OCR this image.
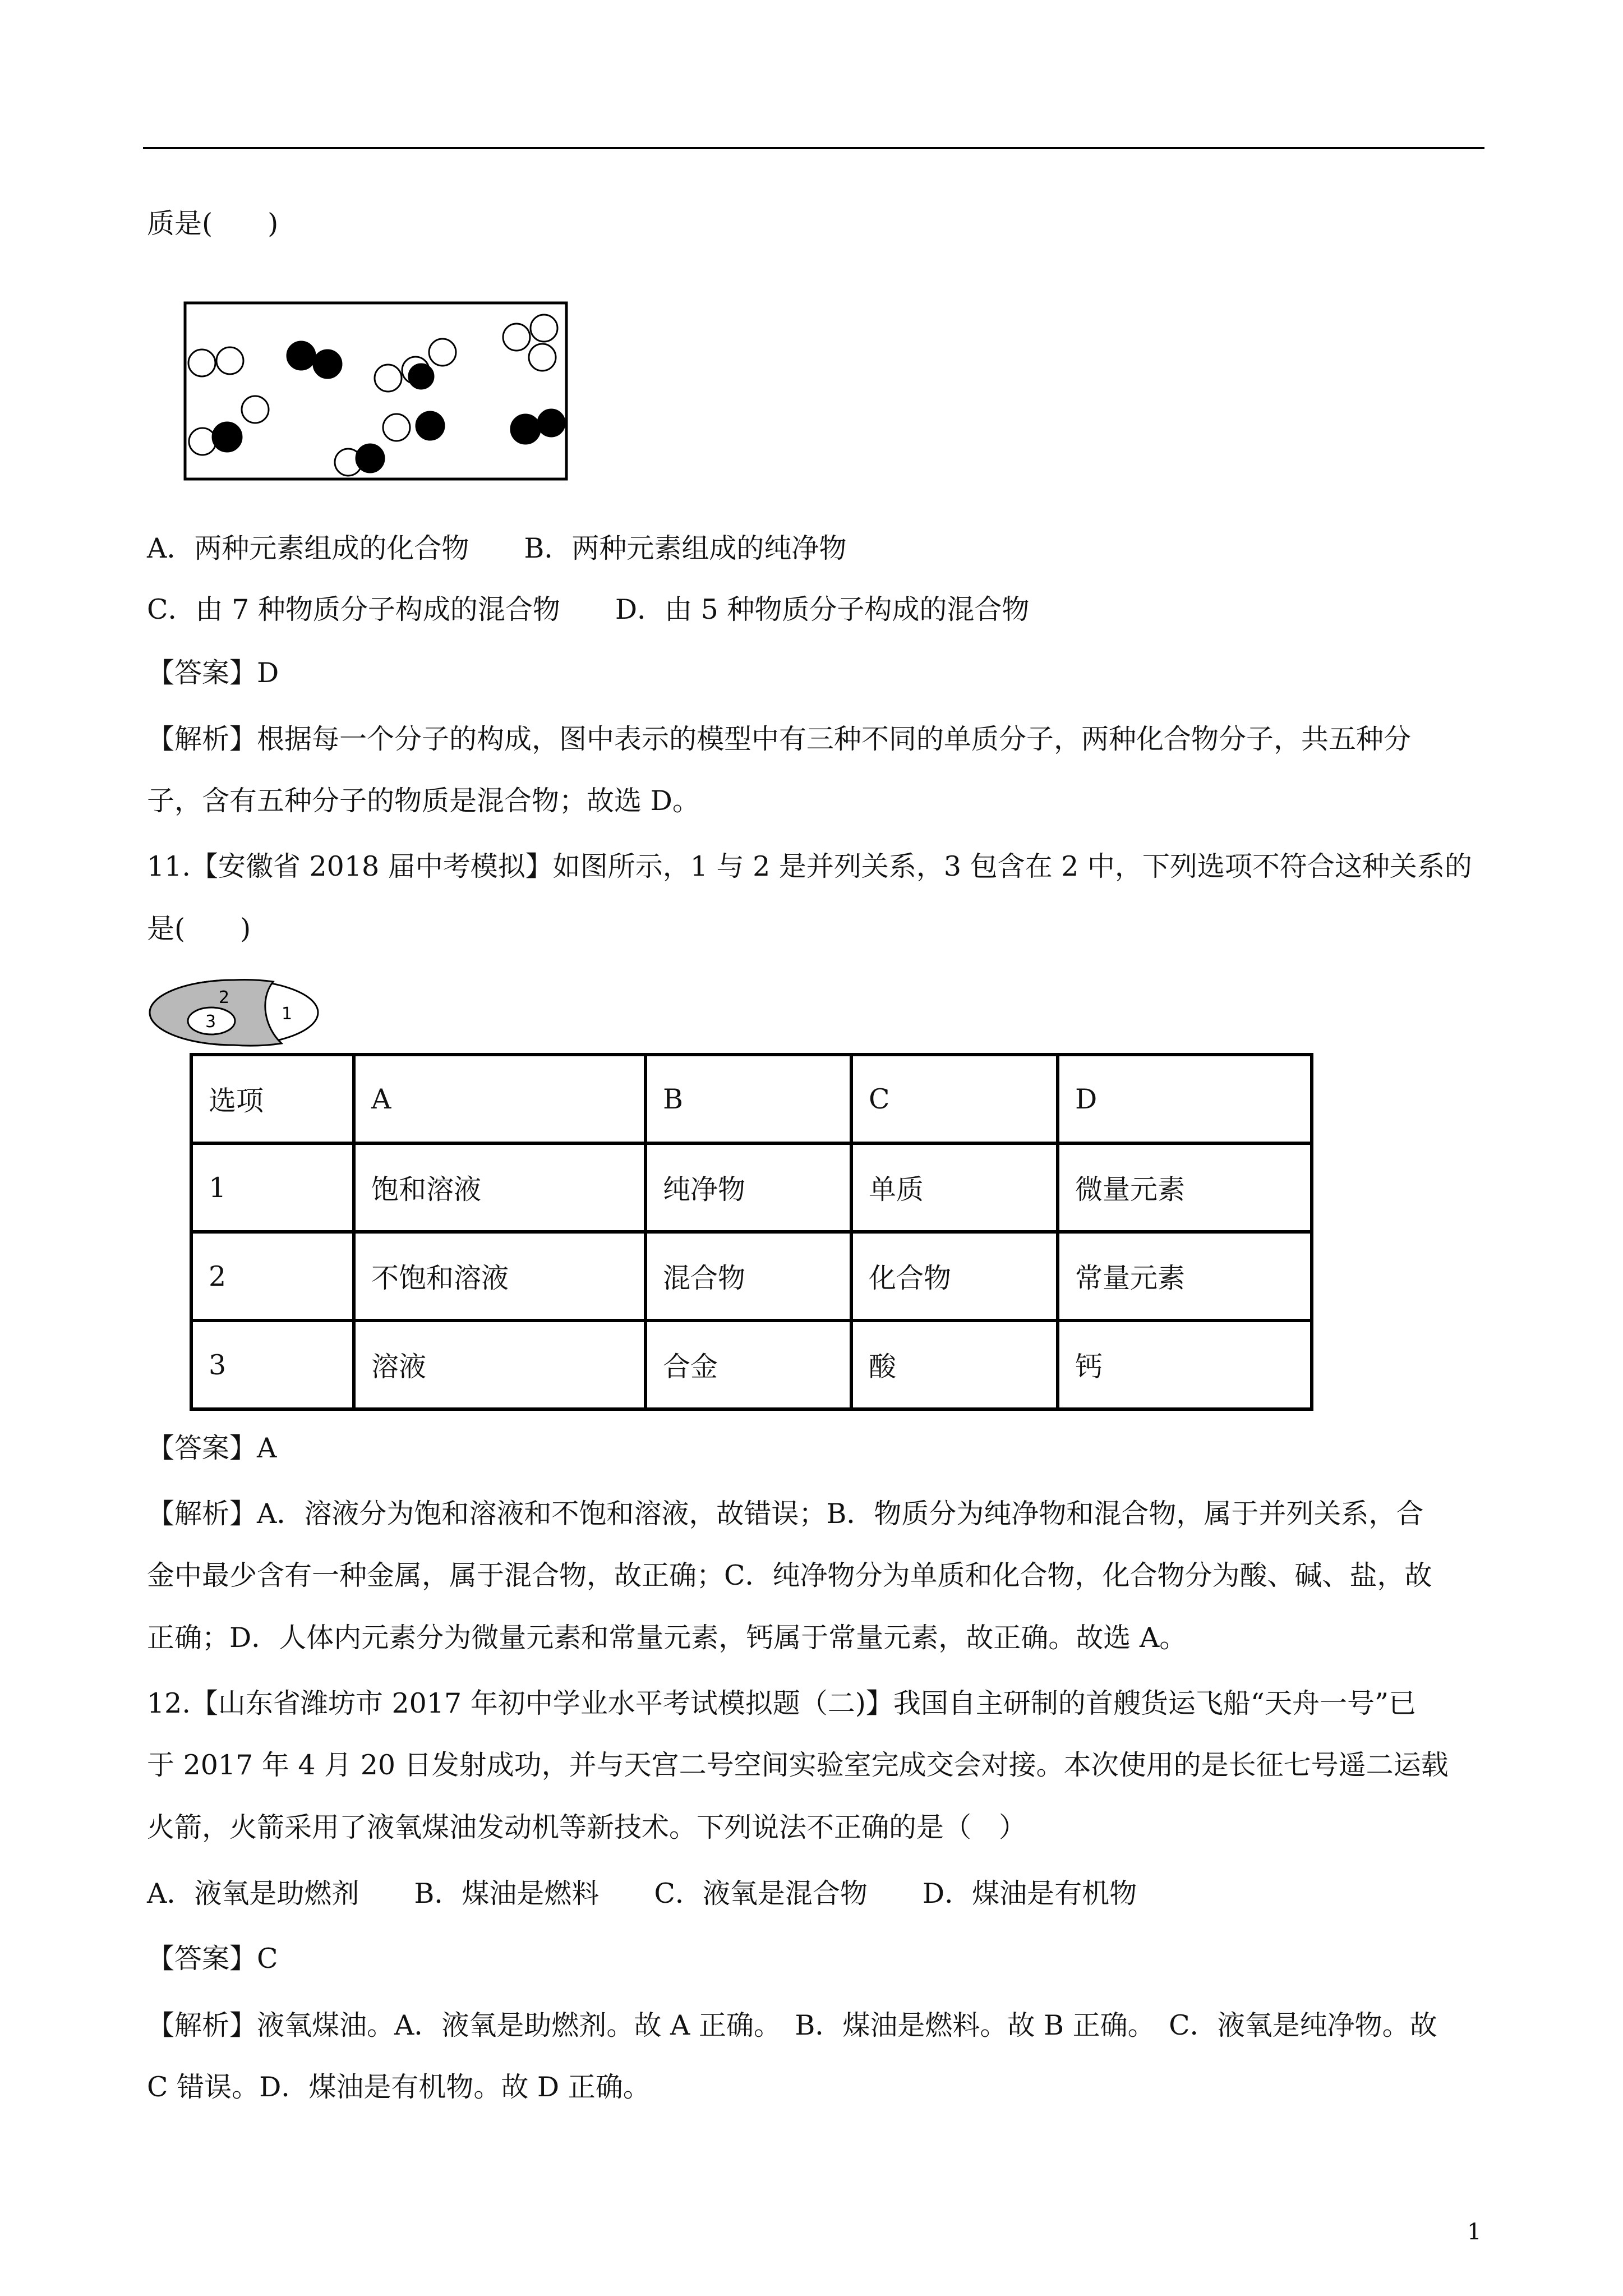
质是(　　)
A．两种元素组成的化合物　　B．两种元素组成的纯净物
C．由 7 种物质分子构成的混合物　　D．由 5 种物质分子构成的混合物
【答案】D
【解析】根据每一个分子的构成，图中表示的模型中有三种不同的单质分子，两种化合物分子，共五种分
子，含有五种分子的物质是混合物；故选 D。
11.【安徽省 2018 届中考模拟】如图所示，1 与 2 是并列关系，3 包含在 2 中，下列选项不符合这种关系的
是(　　)
2
3	1
选项	A	B	C	D
1	饱和溶液	纯净物	单质	微量元素
2	不饱和溶液	混合物	化合物	常量元素
3	溶液	合金	酸	钙
【答案】A
【解析】A．溶液分为饱和溶液和不饱和溶液，故错误；B．物质分为纯净物和混合物，属于并列关系，合
金中最少含有一种金属，属于混合物，故正确；C．纯净物分为单质和化合物，化合物分为酸、碱、盐，故
正确；D．人体内元素分为微量元素和常量元素，钙属于常量元素，故正确。故选 A。
12.【山东省潍坊市 2017 年初中学业水平考试模拟题（二)】我国自主研制的首艘货运飞船“天舟一号”已
于 2017 年 4 月 20 日发射成功，并与天宫二号空间实验室完成交会对接。本次使用的是长征七号遥二运载
火箭，火箭采用了液氧煤油发动机等新技术。下列说法不正确的是（　）
A．液氧是助燃剂　　B．煤油是燃料　　C．液氧是混合物　　D．煤油是有机物
【答案】C
【解析】液氧煤油。A．液氧是助燃剂。故 A 正确。　B．煤油是燃料。故 B 正确。　C．液氧是纯净物。故
C 错误。D．煤油是有机物。故 D 正确。
1
